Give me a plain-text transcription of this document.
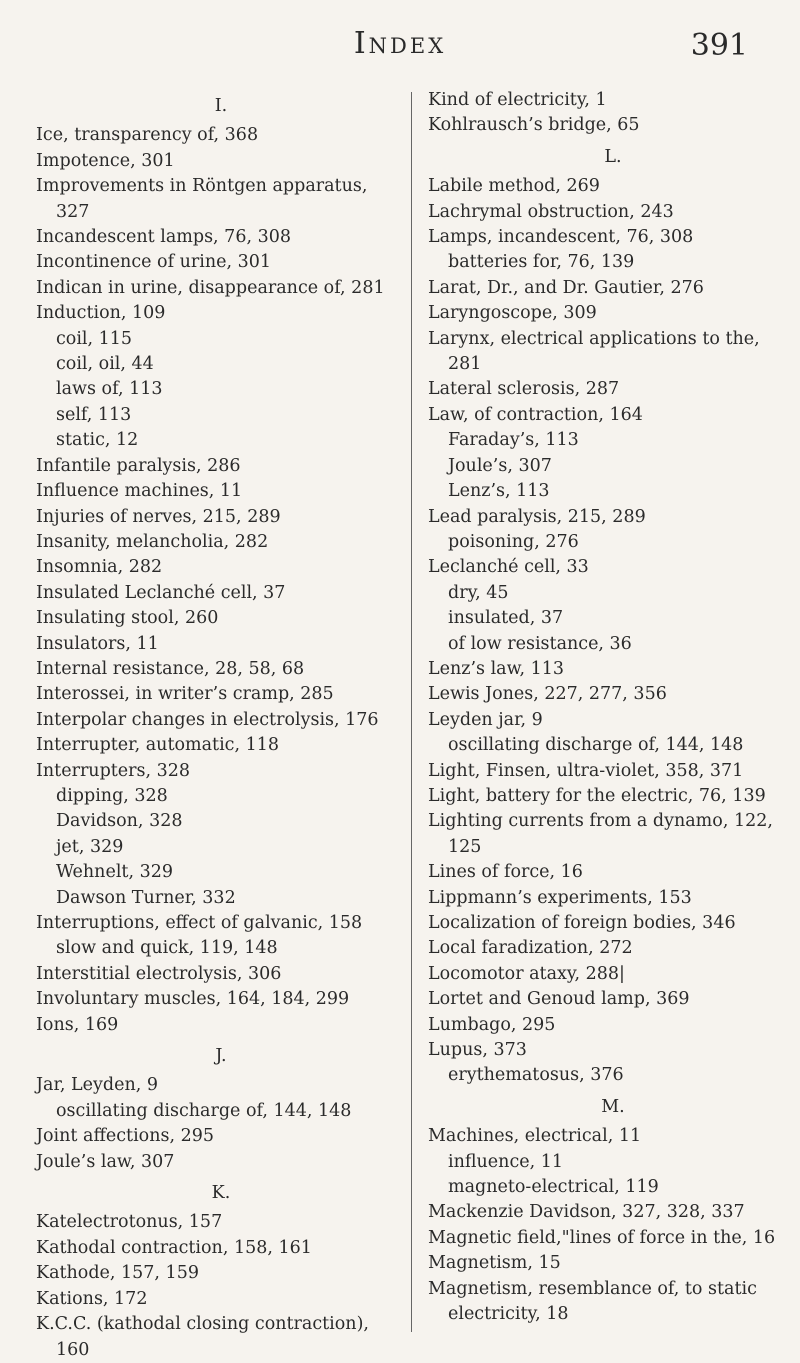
Index	391
I.
Ice, transparency of, 368
Impotence, 301
Improvements in Röntgen apparatus, 327
Incandescent lamps, 76, 308
Incontinence of urine, 301
Indican in urine, disappearance of, 281
Induction, 109
coil, 115
coil, oil, 44
laws of, 113
self, 113
static, 12
Infantile paralysis, 286
Influence machines, 11
Injuries of nerves, 215, 289
Insanity, melancholia, 282
Insomnia, 282
Insulated Leclanché cell, 37
Insulating stool, 260
Insulators, 11
Internal resistance, 28, 58, 68
Interossei, in writer’s cramp, 285
Interpolar changes in electrolysis, 176
Interrupter, automatic, 118
Interrupters, 328
dipping, 328
Davidson, 328
jet, 329
Wehnelt, 329
Dawson Turner, 332
Interruptions, effect of galvanic, 158
slow and quick, 119, 148
Interstitial electrolysis, 306
Involuntary muscles, 164, 184, 299
Ions, 169
J.
Jar, Leyden, 9
oscillating discharge of, 144, 148
Joint affections, 295
Joule’s law, 307
K.
Katelectrotonus, 157
Kathodal contraction, 158, 161
Kathode, 157, 159
Kations, 172
K.C.C. (kathodal closing contraction), 160
Kind of electricity, 1
Kohlrausch’s bridge, 65
L.
Labile method, 269
Lachrymal obstruction, 243
Lamps, incandescent, 76, 308
batteries for, 76, 139
Larat, Dr., and Dr. Gautier, 276
Laryngoscope, 309
Larynx, electrical applications to the, 281
Lateral sclerosis, 287
Law, of contraction, 164
Faraday’s, 113
Joule’s, 307
Lenz’s, 113
Lead paralysis, 215, 289
poisoning, 276
Leclanché cell, 33
dry, 45
insulated, 37
of low resistance, 36
Lenz’s law, 113
Lewis Jones, 227, 277, 356
Leyden jar, 9
oscillating discharge of, 144, 148
Light, Finsen, ultra-violet, 358, 371
Light, battery for the electric, 76, 139
Lighting currents from a dynamo, 122, 125
Lines of force, 16
Lippmann’s experiments, 153
Localization of foreign bodies, 346
Local faradization, 272
Locomotor ataxy, 288|
Lortet and Genoud lamp, 369
Lumbago, 295
Lupus, 373
erythematosus, 376
M.
Machines, electrical, 11
influence, 11
magneto-electrical, 119
Mackenzie Davidson, 327, 328, 337
Magnetic field,"lines of force in the, 16
Magnetism, 15
Magnetism, resemblance of, to static electricity, 18
